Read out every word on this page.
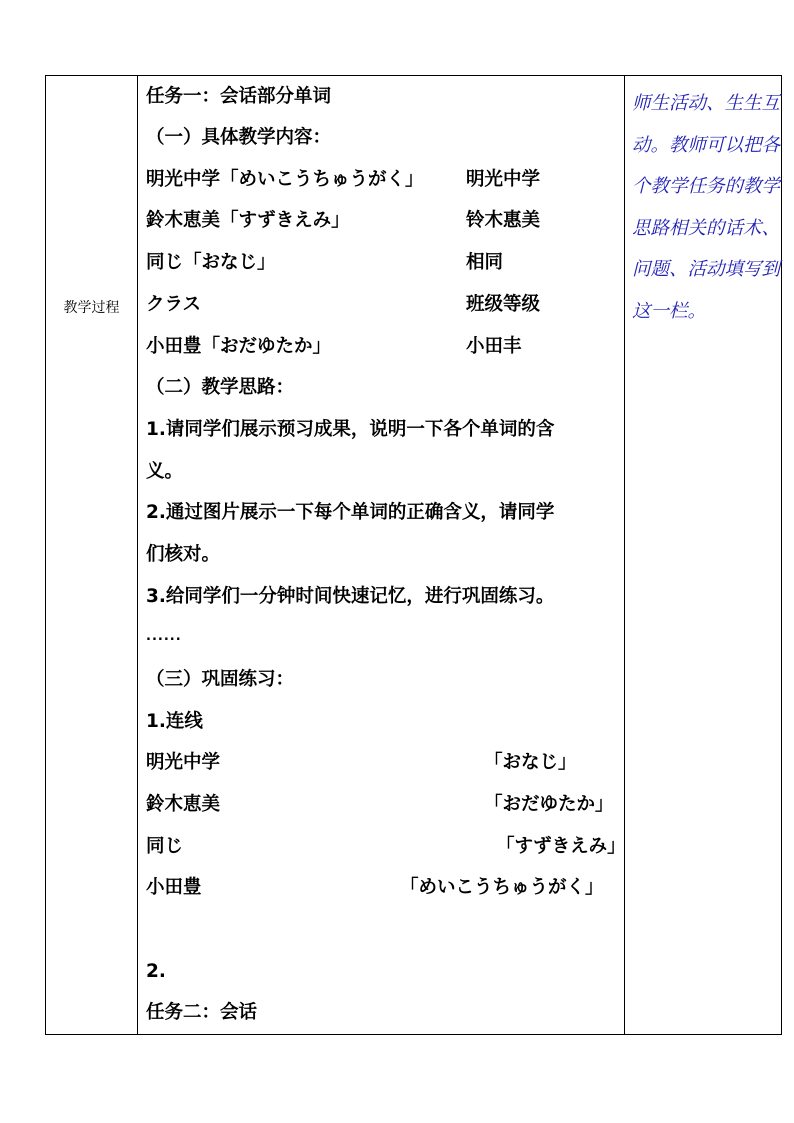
教学过程
任务一：会话部分单词
（一）具体教学内容：
明光中学「めいこうちゅうがく」 明光中学
鈴木恵美「すずきえみ」	铃木惠美
同じ「おなじ」	相同
クラス	班级等级
小田豊「おだゆたか」	小田丰
（二）教学思路：
1.请同学们展示预习成果，说明一下各个单词的含
义。
2.通过图片展示一下每个单词的正确含义，请同学
们核对。
3.给同学们一分钟时间快速记忆，进行巩固练习。
......
（三）巩固练习：
1.连线
明光中学	「おなじ」
鈴木恵美	「おだゆたか」
同じ	「すずきえみ」
小田豊	「めいこうちゅうがく」
2.
任务二：会话
师生活动、生生互动。教师可以把各个教学任务的教学思路相关的话术、问题、活动填写到这一栏。
